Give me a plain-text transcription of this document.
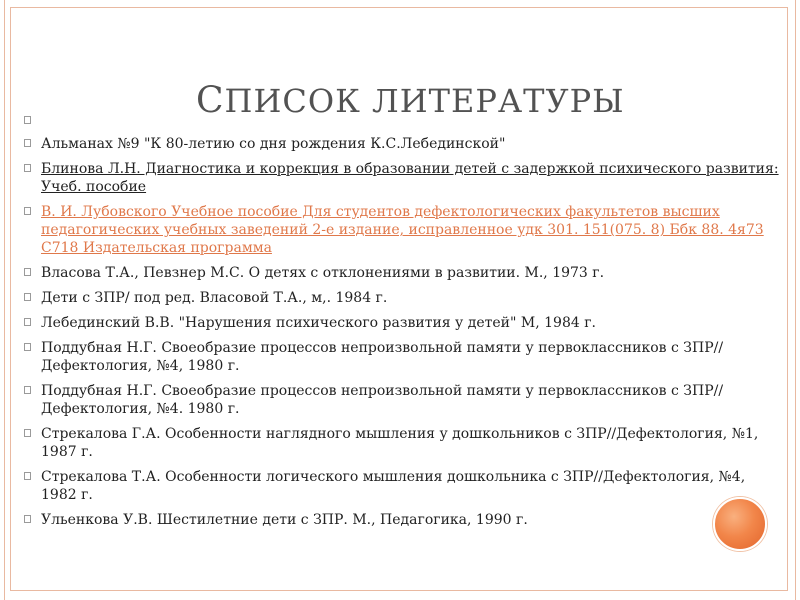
СПИСОК ЛИТЕРАТУРЫ
Альманах №9 "К 80-летию со дня рождения К.С.Лебединской"
Блинова Л.Н. Диагностика и коррекция в образовании детей с задержкой психического развития: Учеб. пособие
В. И. Лубовского Учебное пособие Для студентов дефектологических факультетов высших педагогических учебных заведений 2-е издание, исправленное удк 301. 151(075. 8) Ббк 88. 4я73 С718 Издательская программа
Власова Т.А., Певзнер М.С. О детях с отклонениями в развитии. М., 1973 г.
Дети с ЗПР/ под ред. Власовой Т.А., м,. 1984 г.
Лебединский В.В. "Нарушения психического развития у детей" М, 1984 г.
Поддубная Н.Г. Своеобразие процессов непроизвольной памяти у первоклассников с ЗПР//Дефектология, №4, 1980 г.
Поддубная Н.Г. Своеобразие процессов непроизвольной памяти у первоклассников с ЗПР// Дефектология, №4. 1980 г.
Стрекалова Г.А. Особенности наглядного мышления у дошкольников с ЗПР//Дефектология, №1, 1987 г.
Стрекалова Т.А. Особенности логического мышления дошкольника с ЗПР//Дефектология, №4, 1982 г.
Ульенкова У.В. Шестилетние дети с ЗПР. М., Педагогика, 1990 г.
